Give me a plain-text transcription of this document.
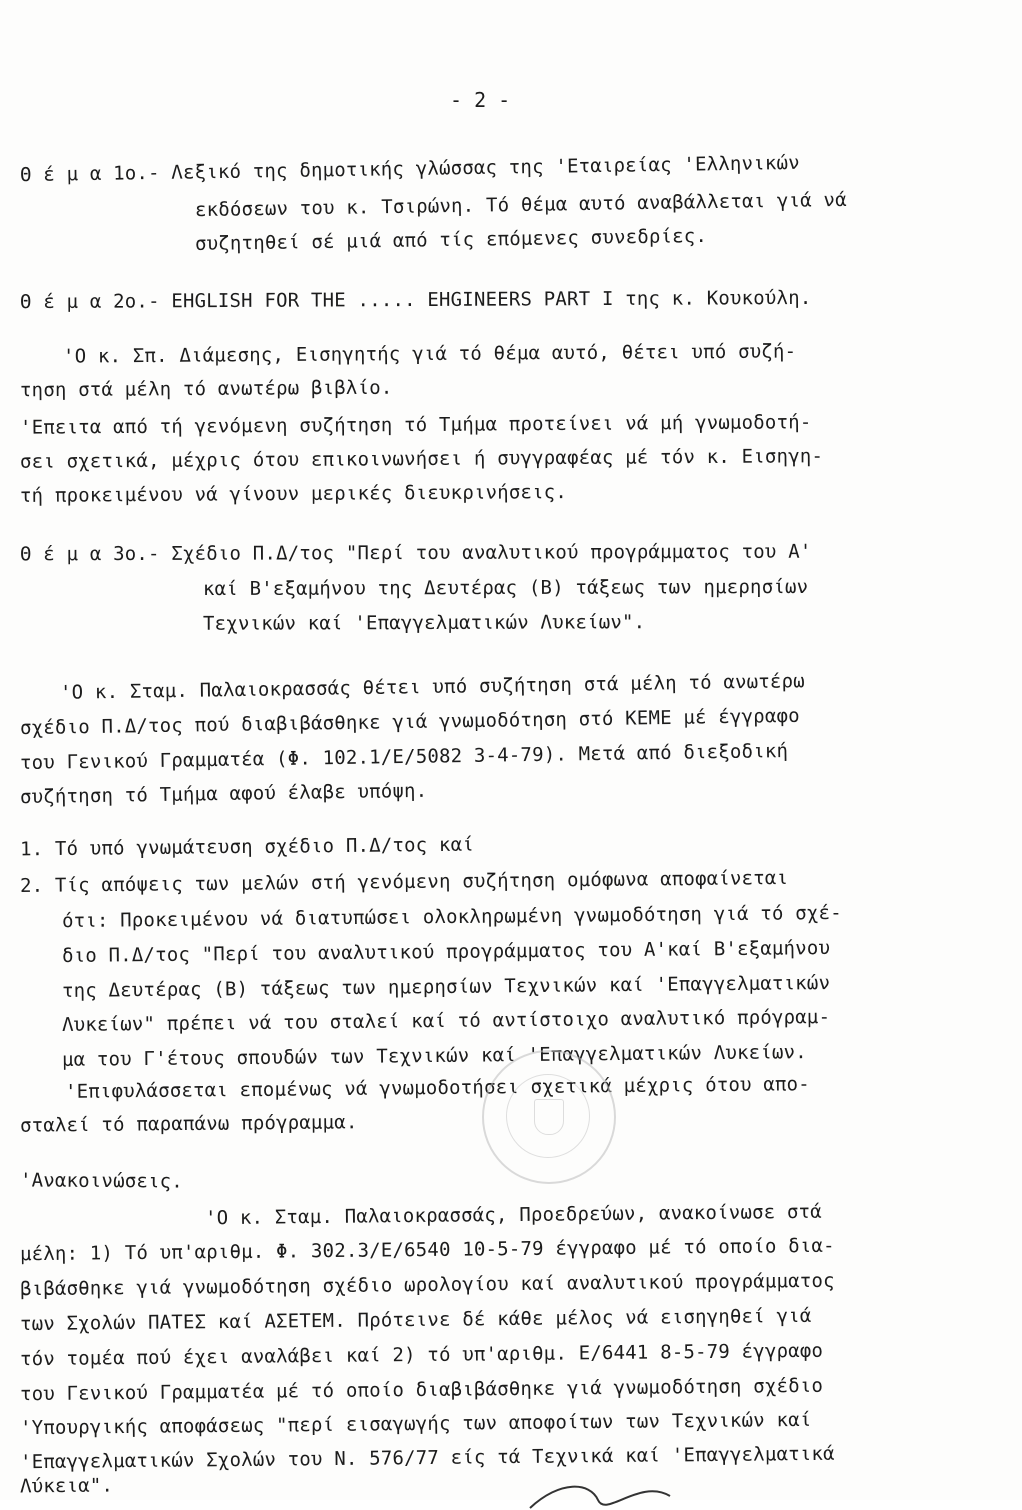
- 2 -
Θ έ μ α 1ο.- Λεξικό της δημοτικής γλώσσας της 'Εταιρείας 'Ελληνικών
εκδόσεων του κ. Τσιρώνη. Τό θέμα αυτό αναβάλλεται γιά νά
συζητηθεί σέ μιά από τίς επόμενες συνεδρίες.
Θ έ μ α 2ο.- EHGLISH FOR THE ..... EHGINEERS PART I της κ. Κουκούλη.
'Ο κ. Σπ. Διάμεσης, Εισηγητής γιά τό θέμα αυτό, θέτει υπό συζή-
τηση στά μέλη τό ανωτέρω βιβλίο.
'Επειτα από τή γενόμενη συζήτηση τό Τμήμα προτείνει νά μή γνωμοδοτή-
σει σχετικά, μέχρις ότου επικοινωνήσει ή συγγραφέας μέ τόν κ. Εισηγη-
τή προκειμένου νά γίνουν μερικές διευκρινήσεις.
Θ έ μ α 3ο.- Σχέδιο Π.Δ/τος "Περί του αναλυτικού προγράμματος του Α'
καί Β'εξαμήνου της Δευτέρας (Β) τάξεως των ημερησίων
Τεχνικών καί 'Επαγγελματικών Λυκείων".
'Ο κ. Σταμ. Παλαιοκρασσάς θέτει υπό συζήτηση στά μέλη τό ανωτέρω
σχέδιο Π.Δ/τος πού διαβιβάσθηκε γιά γνωμοδότηση στό ΚΕΜΕ μέ έγγραφο
του Γενικού Γραμματέα (Φ. 102.1/Ε/5082 3-4-79). Μετά από διεξοδική
συζήτηση τό Τμήμα αφού έλαβε υπόψη.
1. Τό υπό γνωμάτευση σχέδιο Π.Δ/τος καί
2. Τίς απόψεις των μελών στή γενόμενη συζήτηση ομόφωνα αποφαίνεται
ότι: Προκειμένου νά διατυπώσει ολοκληρωμένη γνωμοδότηση γιά τό σχέ-
διο Π.Δ/τος "Περί του αναλυτικού προγράμματος του Α'καί Β'εξαμήνου
της Δευτέρας (Β) τάξεως των ημερησίων Τεχνικών καί 'Επαγγελματικών
Λυκείων" πρέπει νά του σταλεί καί τό αντίστοιχο αναλυτικό πρόγραμ-
μα του Γ'έτους σπουδών των Τεχνικών καί 'Επαγγελματικών Λυκείων.
'Επιφυλάσσεται επομένως νά γνωμοδοτήσει σχετικά μέχρις ότου απο-
σταλεί τό παραπάνω πρόγραμμα.
'Ανακοινώσεις.
'Ο κ. Σταμ. Παλαιοκρασσάς, Προεδρεύων, ανακοίνωσε στά
μέλη: 1) Τό υπ'αριθμ. Φ. 302.3/Ε/6540 10-5-79 έγγραφο μέ τό οποίο δια-
βιβάσθηκε γιά γνωμοδότηση σχέδιο ωρολογίου καί αναλυτικού προγράμματος
των Σχολών ΠΑΤΕΣ καί ΑΣΕΤΕΜ. Πρότεινε δέ κάθε μέλος νά εισηγηθεί γιά
τόν τομέα πού έχει αναλάβει καί 2) τό υπ'αριθμ. Ε/6441 8-5-79 έγγραφο
του Γενικού Γραμματέα μέ τό οποίο διαβιβάσθηκε γιά γνωμοδότηση σχέδιο
'Υπουργικής αποφάσεως "περί εισαγωγής των αποφοίτων των Τεχνικών καί
'Επαγγελματικών Σχολών του Ν. 576/77 είς τά Τεχνικά καί 'Επαγγελματικά
Λύκεια".
